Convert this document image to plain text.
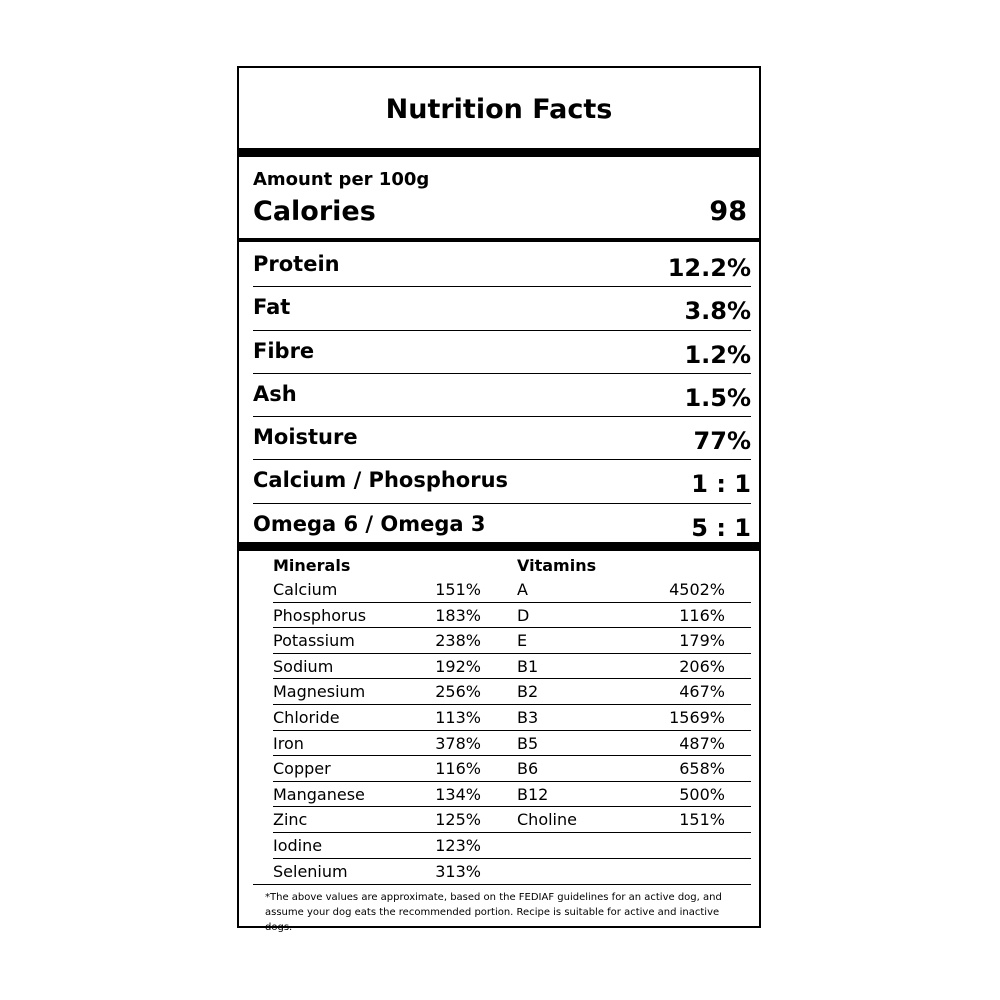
Nutrition Facts
Amount per 100g
Calories	98
Protein	12.2%
Fat	3.8%
Fibre	1.2%
Ash	1.5%
Moisture	77%
Calcium / Phosphorus	1 : 1
Omega 6 / Omega 3	5 : 1
Minerals	Vitamins
Calcium	151% A	4502%
Phosphorus	183% D	116%
Potassium	238% E	179%
Sodium	192% B1	206%
Magnesium	256% B2	467%
Chloride	113% B3	1569%
Iron	378% B5	487%
Copper	116% B6	658%
Manganese	134% B12	500%
Zinc	125% Choline	151%
Iodine	123%
Selenium	313%
*The above values are approximate, based on the FEDIAF guidelines for an active dog, and assume your dog eats the recommended portion. Recipe is suitable for active and inactive dogs.
